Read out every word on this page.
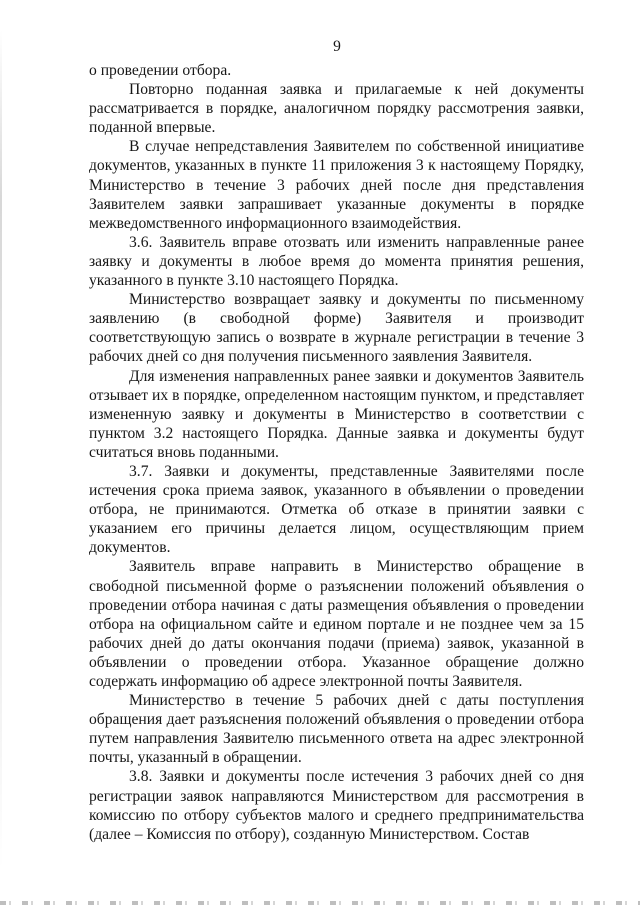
9

о проведении отбора.

Повторно поданная заявка и прилагаемые к ней документы рассматривается в порядке, аналогичном порядку рассмотрения заявки, поданной впервые.

В случае непредставления Заявителем по собственной инициативе документов, указанных в пункте 11 приложения 3 к настоящему Порядку, Министерство в течение 3 рабочих дней после дня представления Заявителем заявки запрашивает указанные документы в порядке межведомственного информационного взаимодействия.

3.6. Заявитель вправе отозвать или изменить направленные ранее заявку и документы в любое время до момента принятия решения, указанного в пункте 3.10 настоящего Порядка.

Министерство возвращает заявку и документы по письменному заявлению (в свободной форме) Заявителя и производит соответствующую запись о возврате в журнале регистрации в течение 3 рабочих дней со дня получения письменного заявления Заявителя.

Для изменения направленных ранее заявки и документов Заявитель отзывает их в порядке, определенном настоящим пунктом, и представляет измененную заявку и документы в Министерство в соответствии с пунктом 3.2 настоящего Порядка. Данные заявка и документы будут считаться вновь поданными.

3.7. Заявки и документы, представленные Заявителями после истечения срока приема заявок, указанного в объявлении о проведении отбора, не принимаются. Отметка об отказе в принятии заявки с указанием его причины делается лицом, осуществляющим прием документов.

Заявитель вправе направить в Министерство обращение в свободной письменной форме о разъяснении положений объявления о проведении отбора начиная с даты размещения объявления о проведении отбора на официальном сайте и едином портале и не позднее чем за 15 рабочих дней до даты окончания подачи (приема) заявок, указанной в объявлении о проведении отбора. Указанное обращение должно содержать информацию об адресе электронной почты Заявителя.

Министерство в течение 5 рабочих дней с даты поступления обращения дает разъяснения положений объявления о проведении отбора путем направления Заявителю письменного ответа на адрес электронной почты, указанный в обращении.

3.8. Заявки и документы после истечения 3 рабочих дней со дня регистрации заявок направляются Министерством для рассмотрения в комиссию по отбору субъектов малого и среднего предпринимательства (далее – Комиссия по отбору), созданную Министерством. Состав
